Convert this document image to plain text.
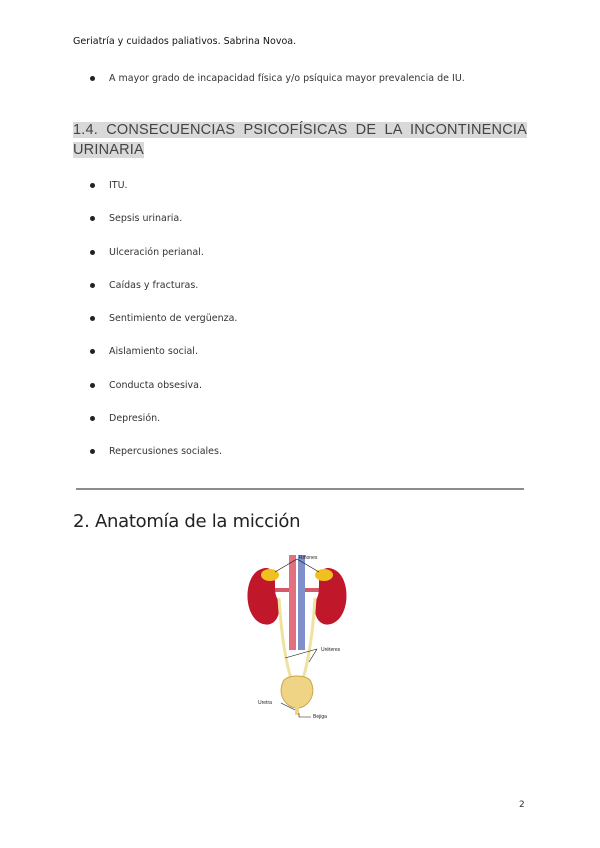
Geriatría y cuidados paliativos. Sabrina Novoa.
A mayor grado de incapacidad física y/o psíquica mayor prevalencia de IU.
1.4. CONSECUENCIAS PSICOFÍSICAS DE LA INCONTINENCIA URINARIA
ITU.
Sepsis urinaria.
Ulceración perianal.
Caídas y fracturas.
Sentimiento de vergüenza.
Aislamiento social.
Conducta obsesiva.
Depresión.
Repercusiones sociales.
2. Anatomía de la micción
Riñones
Uréteres
Uretra
Bejiga
2
